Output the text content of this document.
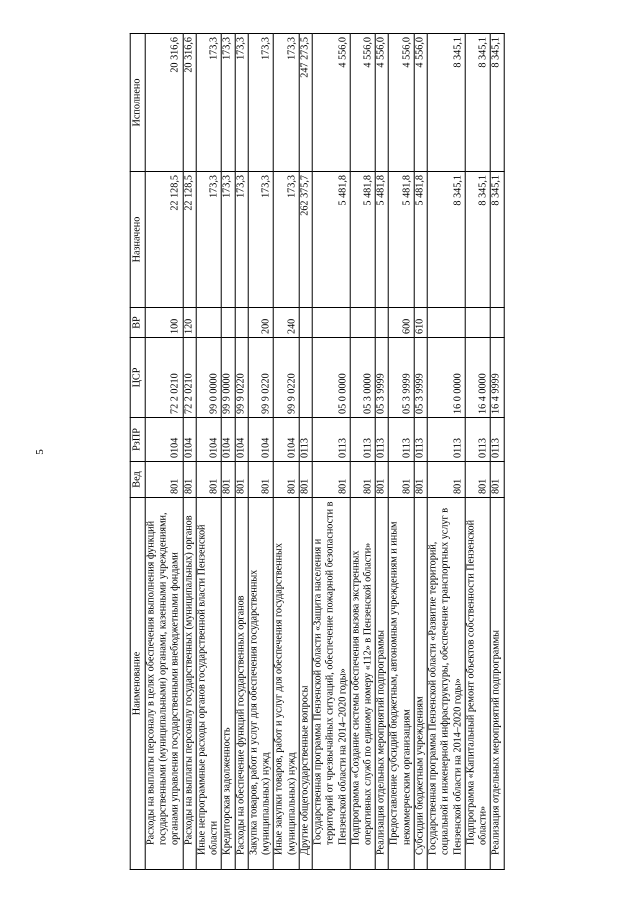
5
Наименование	Вед	РзПР	ЦСР	ВР	Назначено	Исполнено
Расходы на выплаты персоналу в целях обеспечения выполнения функций государственными (муниципальными) органами, казенными учреждениями, органами управления государственными внебюджетными фондами	801	0104	72 2 0210	100	22 128,5	20 316,6
Расходы на выплаты персоналу государственных (муниципальных) органов	801	0104	72 2 0210	120	22 128,5	20 316,6
Иные непрограммные расходы органов государственной власти Пензенской области	801	0104	99 0 0000		173,3	173,3
Кредиторская задолженность	801	0104	99 9 0000		173,3	173,3
Расходы на обеспечение функций государственных органов	801	0104	99 9 0220		173,3	173,3
Закупка товаров, работ и услуг для обеспечения государственных (муниципальных) нужд	801	0104	99 9 0220	200	173,3	173,3
Иные закупки товаров, работ и услуг для обеспечения государственных (муниципальных) нужд	801	0104	99 9 0220	240	173,3	173,3
Другие общегосударственные вопросы	801	0113			262 375,7	247 273,5
Государственная программа Пензенской области «Защита населения и территорий от чрезвычайных ситуаций, обеспечение пожарной безопасности в Пензенской области на 2014–2020 годы»	801	0113	05 0 0000		5 481,8	4 556,0
Подпрограмма «Создание системы обеспечения вызова экстренных оперативных служб по единому номеру «112» в Пензенской области»	801	0113	05 3 0000		5 481,8	4 556,0
Реализация отдельных мероприятий подпрограммы	801	0113	05 3 9999		5 481,8	4 556,0
Предоставление субсидий бюджетным, автономным учреждениям и иным некоммерческим организациям	801	0113	05 3 9999	600	5 481,8	4 556,0
Субсидии бюджетным учреждениям	801	0113	05 3 9999	610	5 481,8	4 556,0
Государственная программа Пензенской области «Развитие территорий, социальной и инженерной инфраструктуры, обеспечение транспортных услуг в Пензенской области на 2014–2020 годы»	801	0113	16 0 0000		8 345,1	8 345,1
Подпрограмма «Капитальный ремонт объектов собственности Пензенской области»	801	0113	16 4 0000		8 345,1	8 345,1
Реализация отдельных мероприятий подпрограммы	801	0113	16 4 9999		8 345,1	8 345,1
